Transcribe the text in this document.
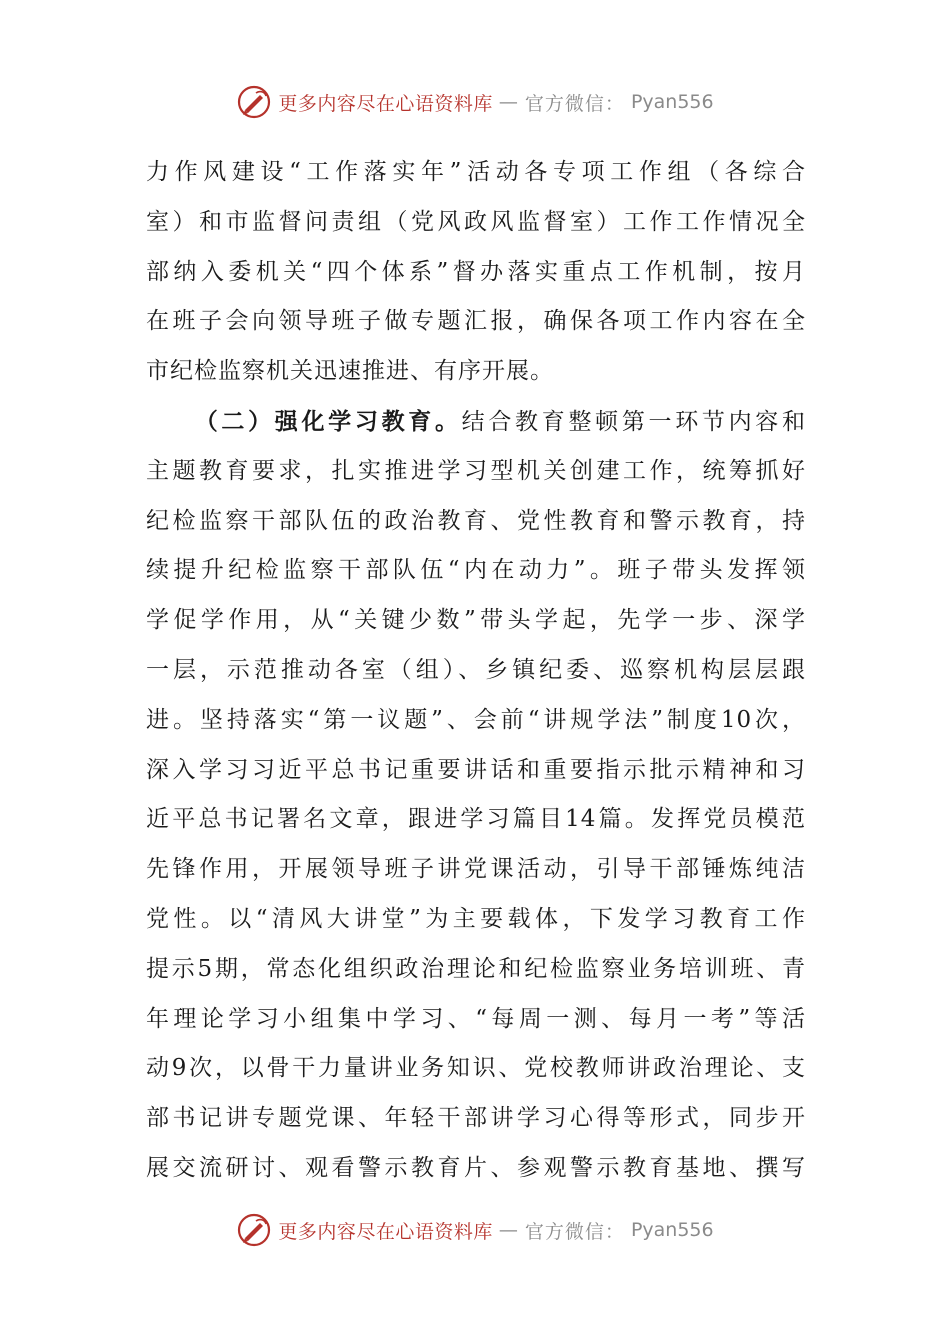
更多内容尽在心语资料库 — 官方微信： Pyan556
力作风建设“工作落实年”活动各专项工作组（各综合
室）和市监督问责组（党风政风监督室）工作工作情况全
部纳入委机关“四个体系”督办落实重点工作机制，按月
在班子会向领导班子做专题汇报，确保各项工作内容在全
市纪检监察机关迅速推进、有序开展。
（二）强化学习教育。结合教育整顿第一环节内容和
主题教育要求，扎实推进学习型机关创建工作，统筹抓好
纪检监察干部队伍的政治教育、党性教育和警示教育，持
续提升纪检监察干部队伍“内在动力”。班子带头发挥领
学促学作用，从“关键少数”带头学起，先学一步、深学
一层，示范推动各室（组）、乡镇纪委、巡察机构层层跟
进。坚持落实“第一议题”、会前“讲规学法”制度10次，
深入学习习近平总书记重要讲话和重要指示批示精神和习
近平总书记署名文章，跟进学习篇目14篇。发挥党员模范
先锋作用，开展领导班子讲党课活动，引导干部锤炼纯洁
党性。以“清风大讲堂”为主要载体，下发学习教育工作
提示5期，常态化组织政治理论和纪检监察业务培训班、青
年理论学习小组集中学习、“每周一测、每月一考”等活
动9次，以骨干力量讲业务知识、党校教师讲政治理论、支
部书记讲专题党课、年轻干部讲学习心得等形式，同步开
展交流研讨、观看警示教育片、参观警示教育基地、撰写
更多内容尽在心语资料库 — 官方微信： Pyan556
